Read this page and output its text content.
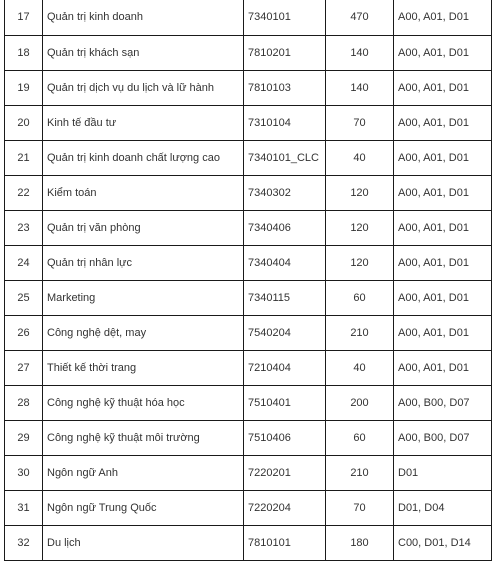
17	Quản trị kinh doanh	7340101	470	A00, A01, D01
18	Quản trị khách sạn	7810201	140	A00, A01, D01
19	Quản trị dịch vụ du lịch và lữ hành	7810103	140	A00, A01, D01
20	Kinh tế đầu tư	7310104	70	A00, A01, D01
21	Quản trị kinh doanh chất lượng cao	7340101_CLC	40	A00, A01, D01
22	Kiểm toán	7340302	120	A00, A01, D01
23	Quản trị văn phòng	7340406	120	A00, A01, D01
24	Quản trị nhân lực	7340404	120	A00, A01, D01
25	Marketing	7340115	60	A00, A01, D01
26	Công nghệ dệt, may	7540204	210	A00, A01, D01
27	Thiết kế thời trang	7210404	40	A00, A01, D01
28	Công nghệ kỹ thuật hóa học	7510401	200	A00, B00, D07
29	Công nghệ kỹ thuật môi trường	7510406	60	A00, B00, D07
30	Ngôn ngữ Anh	7220201	210	D01
31	Ngôn ngữ Trung Quốc	7220204	70	D01, D04
32	Du lịch	7810101	180	C00, D01, D14
